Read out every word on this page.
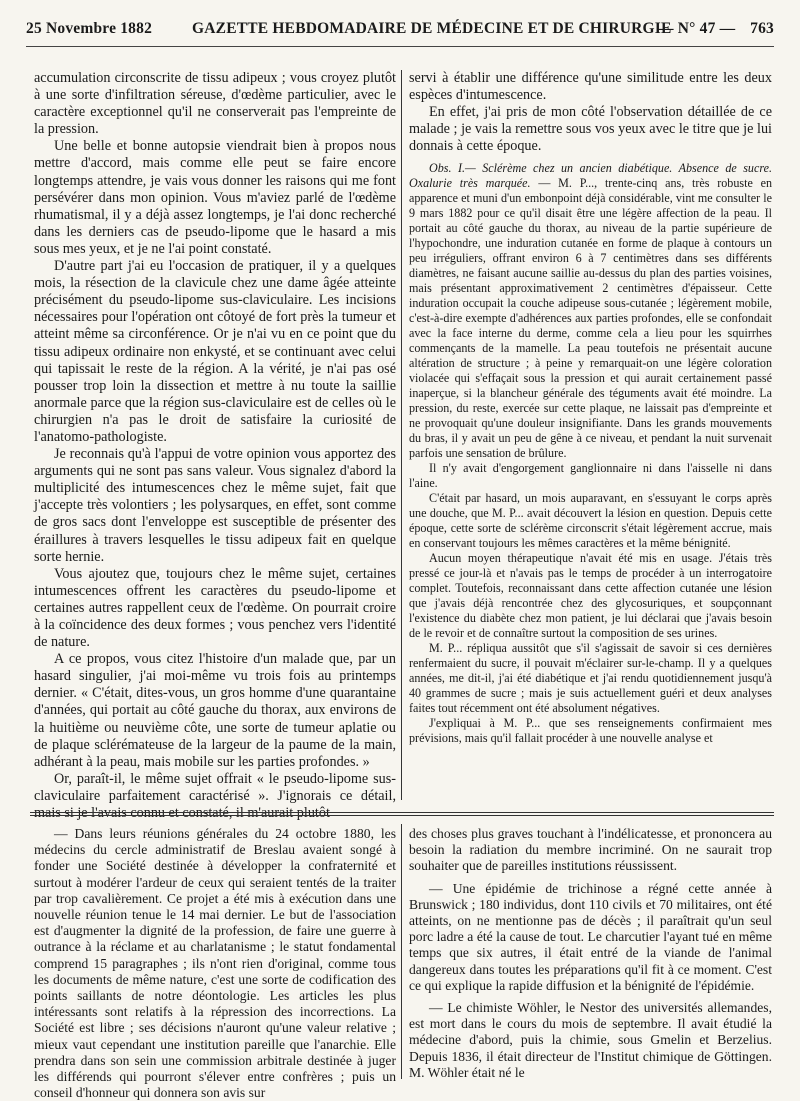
25 Novembre 1882	GAZETTE HEBDOMADAIRE DE MÉDECINE ET DE CHIRURGIE
— N° 47 — 763

accumulation circonscrite de tissu adipeux ; vous croyez plutôt à une sorte d'infiltration séreuse, d'œdème particulier, avec le caractère exceptionnel qu'il ne conserverait pas l'empreinte de la pression.

Une belle et bonne autopsie viendrait bien à propos nous mettre d'accord, mais comme elle peut se faire encore longtemps attendre, je vais vous donner les raisons qui me font persévérer dans mon opinion. Vous m'aviez parlé de l'œdème rhumatismal, il y a déjà assez longtemps, je l'ai donc recherché dans les derniers cas de pseudo-lipome que le hasard a mis sous mes yeux, et je ne l'ai point constaté.

D'autre part j'ai eu l'occasion de pratiquer, il y a quelques mois, la résection de la clavicule chez une dame âgée atteinte précisément du pseudo-lipome sus-claviculaire. Les incisions nécessaires pour l'opération ont côtoyé de fort près la tumeur et atteint même sa circonférence. Or je n'ai vu en ce point que du tissu adipeux ordinaire non enkysté, et se continuant avec celui qui tapissait le reste de la région. A la vérité, je n'ai pas osé pousser trop loin la dissection et mettre à nu toute la saillie anormale parce que la région sus-claviculaire est de celles où le chirurgien n'a pas le droit de satisfaire la curiosité de l'anatomo-pathologiste.

Je reconnais qu'à l'appui de votre opinion vous apportez des arguments qui ne sont pas sans valeur. Vous signalez d'abord la multiplicité des intumescences chez le même sujet, fait que j'accepte très volontiers ; les polysarques, en effet, sont comme de gros sacs dont l'enveloppe est susceptible de présenter des éraillures à travers lesquelles le tissu adipeux fait en quelque sorte hernie.

Vous ajoutez que, toujours chez le même sujet, certaines intumescences offrent les caractères du pseudo-lipome et certaines autres rappellent ceux de l'œdème. On pourrait croire à la coïncidence des deux formes ; vous penchez vers l'identité de nature.

A ce propos, vous citez l'histoire d'un malade que, par un hasard singulier, j'ai moi-même vu trois fois au printemps dernier. « C'était, dites-vous, un gros homme d'une quarantaine d'années, qui portait au côté gauche du thorax, aux environs de la huitième ou neuvième côte, une sorte de tumeur aplatie ou de plaque sclérémateuse de la largeur de la paume de la main, adhérant à la peau, mais mobile sur les parties profondes. »

Or, paraît-il, le même sujet offrait « le pseudo-lipome sus-claviculaire parfaitement caractérisé ». J'ignorais ce détail, mais si je l'avais connu et constaté, il m'aurait plutôt

servi à établir une différence qu'une similitude entre les deux espèces d'intumescence.

En effet, j'ai pris de mon côté l'observation détaillée de ce malade ; je vais la remettre sous vos yeux avec le titre que je lui donnais à cette époque.

Obs. I.— Sclérème chez un ancien diabétique. Absence de sucre. Oxalurie très marquée. — M. P..., trente-cinq ans, très robuste en apparence et muni d'un embonpoint déjà considérable, vint me consulter le 9 mars 1882 pour ce qu'il disait être une légère affection de la peau. Il portait au côté gauche du thorax, au niveau de la partie supérieure de l'hypochondre, une induration cutanée en forme de plaque à contours un peu irréguliers, offrant environ 6 à 7 centimètres dans ses différents diamètres, ne faisant aucune saillie au-dessus du plan des parties voisines, mais présentant approximativement 2 centimètres d'épaisseur. Cette induration occupait la couche adipeuse sous-cutanée ; légèrement mobile, c'est-à-dire exempte d'adhérences aux parties profondes, elle se confondait avec la face interne du derme, comme cela a lieu pour les squirrhes commençants de la mamelle. La peau toutefois ne présentait aucune altération de structure ; à peine y remarquait-on une légère coloration violacée qui s'effaçait sous la pression et qui aurait certainement passé inaperçue, si la blancheur générale des téguments avait été moindre. La pression, du reste, exercée sur cette plaque, ne laissait pas d'empreinte et ne provoquait qu'une douleur insignifiante. Dans les grands mouvements du bras, il y avait un peu de gêne à ce niveau, et pendant la nuit survenait parfois une sensation de brûlure.

Il n'y avait d'engorgement ganglionnaire ni dans l'aisselle ni dans l'aine.

C'était par hasard, un mois auparavant, en s'essuyant le corps après une douche, que M. P... avait découvert la lésion en question. Depuis cette époque, cette sorte de sclérème circonscrit s'était légèrement accrue, mais en conservant toujours les mêmes caractères et la même bénignité.

Aucun moyen thérapeutique n'avait été mis en usage. J'étais très pressé ce jour-là et n'avais pas le temps de procéder à un interrogatoire complet. Toutefois, reconnaissant dans cette affection cutanée une lésion que j'avais déjà rencontrée chez des glycosuriques, et soupçonnant l'existence du diabète chez mon patient, je lui déclarai que j'avais besoin de le revoir et de connaître surtout la composition de ses urines.

M. P... répliqua aussitôt que s'il s'agissait de savoir si ces dernières renfermaient du sucre, il pouvait m'éclairer sur-le-champ. Il y a quelques années, me dit-il, j'ai été diabétique et j'ai rendu quotidiennement jusqu'à 40 grammes de sucre ; mais je suis actuellement guéri et deux analyses faites tout récemment ont été absolument négatives.

J'expliquai à M. P... que ses renseignements confirmaient mes prévisions, mais qu'il fallait procéder à une nouvelle analyse et

— Dans leurs réunions générales du 24 octobre 1880, les médecins du cercle administratif de Breslau avaient songé à fonder une Société destinée à développer la confraternité et surtout à modérer l'ardeur de ceux qui seraient tentés de la traiter par trop cavalièrement. Ce projet a été mis à exécution dans une nouvelle réunion tenue le 14 mai dernier. Le but de l'association est d'augmenter la dignité de la profession, de faire une guerre à outrance à la réclame et au charlatanisme ; le statut fondamental comprend 15 paragraphes ; ils n'ont rien d'original, comme tous les documents de même nature, c'est une sorte de codification des points saillants de notre déontologie. Les articles les plus intéressants sont relatifs à la répression des incorrections. La Société est libre ; ses décisions n'auront qu'une valeur relative ; mieux vaut cependant une institution pareille que l'anarchie. Elle prendra dans son sein une commission arbitrale destinée à juger les différends qui pourront s'élever entre confrères ; puis un conseil d'honneur qui donnera son avis sur

des choses plus graves touchant à l'indélicatesse, et prononcera au besoin la radiation du membre incriminé. On ne saurait trop souhaiter que de pareilles institutions réussissent.

— Une épidémie de trichinose a régné cette année à Brunswick ; 180 individus, dont 110 civils et 70 militaires, ont été atteints, on ne mentionne pas de décès ; il paraîtrait qu'un seul porc ladre a été la cause de tout. Le charcutier l'ayant tué en même temps que six autres, il était entré de la viande de l'animal dangereux dans toutes les préparations qu'il fit à ce moment. C'est ce qui explique la rapide diffusion et la bénignité de l'épidémie.

— Le chimiste Wöhler, le Nestor des universités allemandes, est mort dans le cours du mois de septembre. Il avait étudié la médecine d'abord, puis la chimie, sous Gmelin et Berzelius. Depuis 1836, il était directeur de l'Institut chimique de Göttingen. M. Wöhler était né le
